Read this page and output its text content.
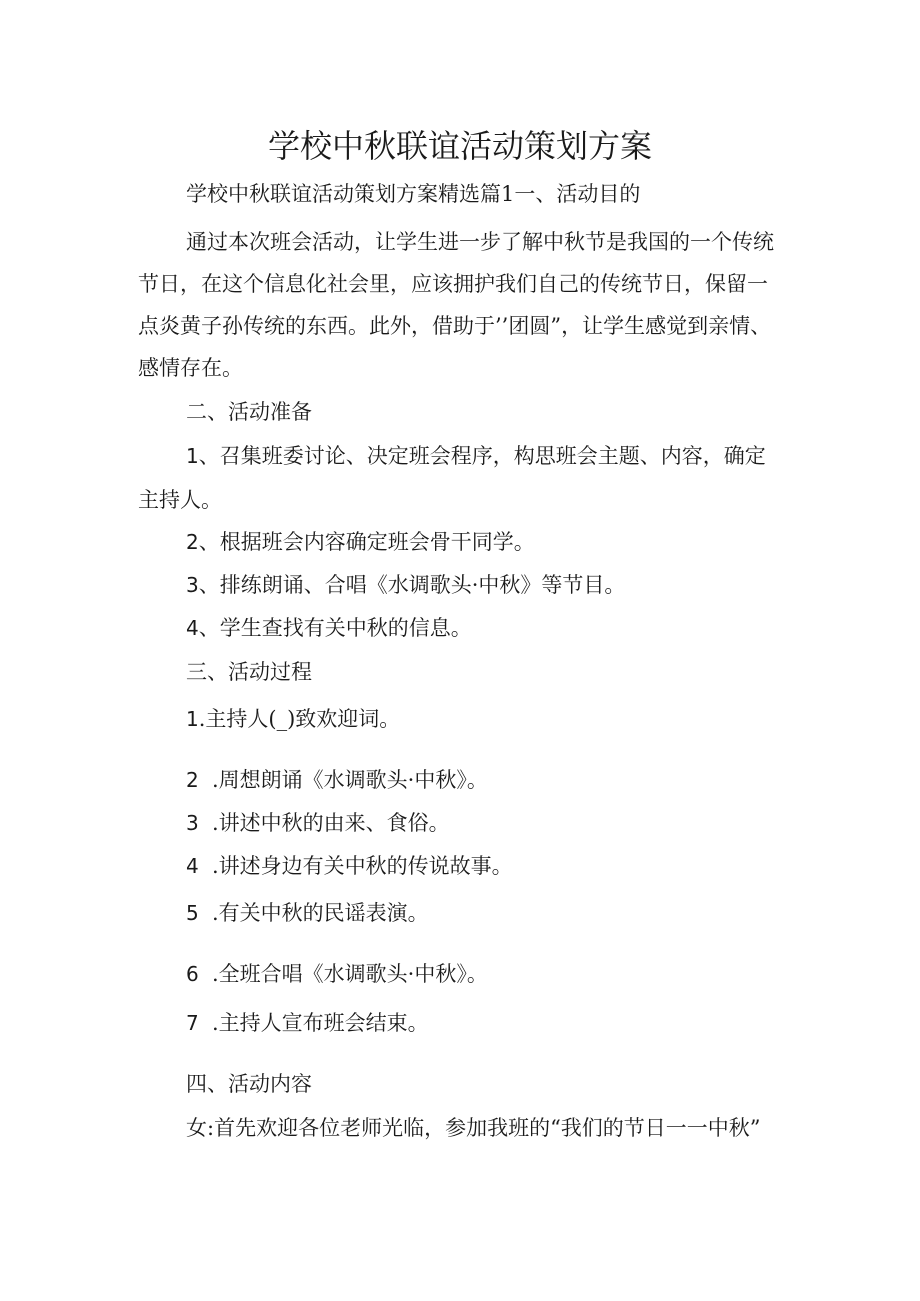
学校中秋联谊活动策划方案

学校中秋联谊活动策划方案精选篇1一、活动目的

通过本次班会活动，让学生进一步了解中秋节是我国的一个传统

节日，在这个信息化社会里，应该拥护我们自己的传统节日，保留一

点炎黄子孙传统的东西。此外，借助于’’团圆”，让学生感觉到亲情、

感情存在。

二、活动准备

1、召集班委讨论、决定班会程序，构思班会主题、内容，确定

主持人。

2、根据班会内容确定班会骨干同学。

3、排练朗诵、合唱《水调歌头·中秋》等节目。

4、学生查找有关中秋的信息。

三、活动过程

1.主持人(_)致欢迎词。

2 .周想朗诵《水调歌头·中秋》。

3 .讲述中秋的由来、食俗。

4 .讲述身边有关中秋的传说故事。

5 .有关中秋的民谣表演。

6 .全班合唱《水调歌头·中秋》。

7 .主持人宣布班会结束。

四、活动内容

女:首先欢迎各位老师光临，参加我班的“我们的节日一一中秋”
